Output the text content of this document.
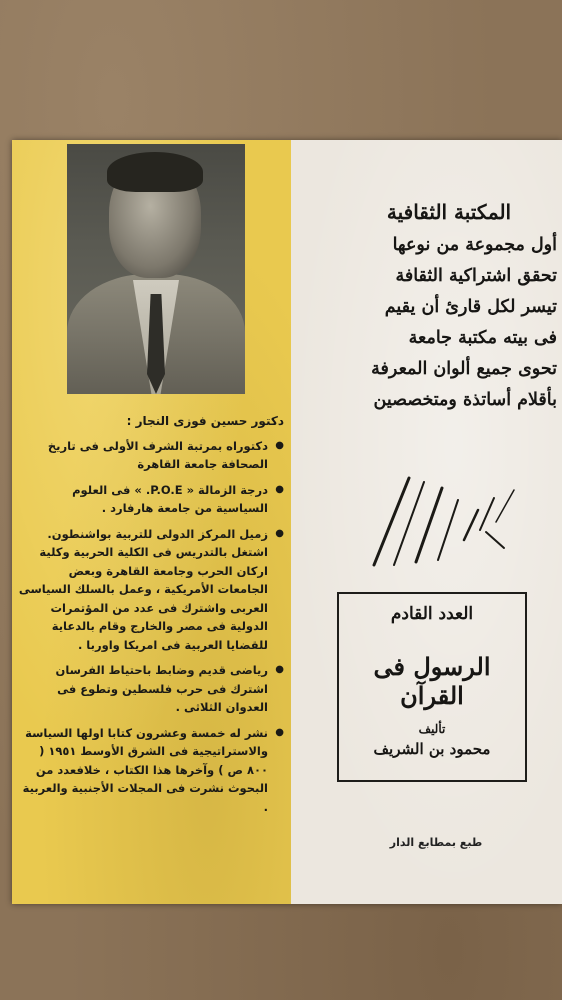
دكتور حسين فوزى النجار :
● دكتوراه بمرتبة الشرف الأولى فى تاريخ الصحافة جامعة القاهرة
● درجة الزمالة « P.O.E. » فى العلوم السياسية من جامعة هارفارد .
● زميل المركز الدولى للتربية بواشنطون. اشتغل بالتدريس فى الكلية الحربية وكلية اركان الحرب وجامعة القاهرة وبعض الجامعات الأمريكية ، وعمل بالسلك السياسى العربى واشترك فى عدد من المؤتمرات الدولية فى مصر والخارج وقام بالدعاية للقضايا العربية فى امريكا واوربا .
● رياضى قديم وضابط باحتياط الفرسان اشترك فى حرب فلسطين وتطوع فى العدوان الثلاثى .
● نشر له خمسة وعشرون كتابا اولها السياسة والاستراتيجية فى الشرق الأوسط ١٩٥١ ( ٨٠٠ ص ) وآخرها هذا الكتاب ، خلافعدد من البحوث نشرت فى المجلات الأجنبية والعربية .
المكتبة الثقافية
أول مجموعة من نوعها
تحقق اشتراكية الثقافة
تيسر لكل قارئ أن يقيم
فى بيته مكتبة جامعة
تحوى جميع ألوان المعرفة
بأقلام أساتذة ومتخصصين
العدد القادم
الرسول فى القرآن
تأليف
محمود بن الشريف
طبع بمطابع الدار
